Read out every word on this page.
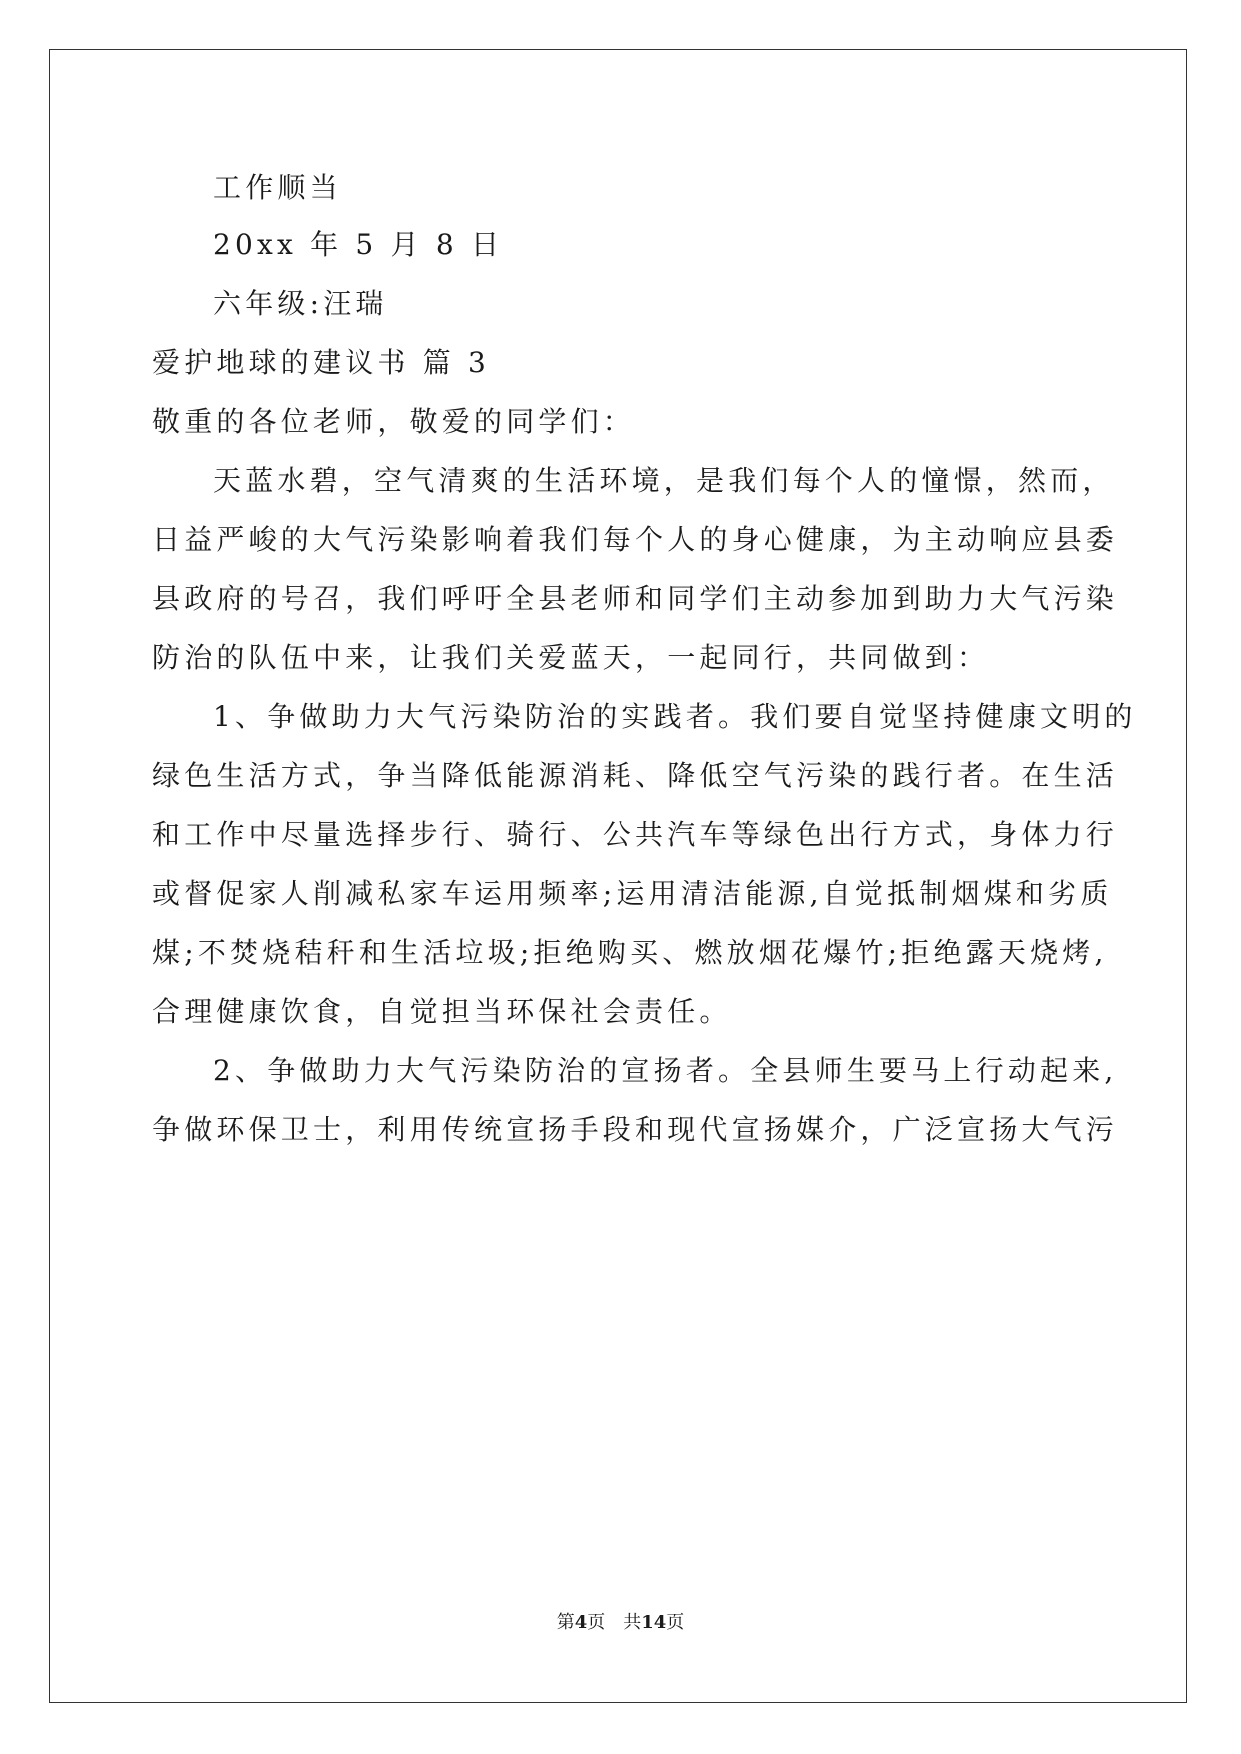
工作顺当
20xx 年 5 月 8 日
六年级:汪瑞
爱护地球的建议书 篇 3
敬重的各位老师，敬爱的同学们：
天蓝水碧，空气清爽的生活环境，是我们每个人的憧憬，然而，
日益严峻的大气污染影响着我们每个人的身心健康，为主动响应县委
县政府的号召，我们呼吁全县老师和同学们主动参加到助力大气污染
防治的队伍中来，让我们关爱蓝天，一起同行，共同做到：
1、争做助力大气污染防治的实践者。我们要自觉坚持健康文明的
绿色生活方式，争当降低能源消耗、降低空气污染的践行者。在生活
和工作中尽量选择步行、骑行、公共汽车等绿色出行方式，身体力行
或督促家人削减私家车运用频率;运用清洁能源,自觉抵制烟煤和劣质
煤;不焚烧秸秆和生活垃圾;拒绝购买、燃放烟花爆竹;拒绝露天烧烤,
合理健康饮食，自觉担当环保社会责任。
2、争做助力大气污染防治的宣扬者。全县师生要马上行动起来,
争做环保卫士，利用传统宣扬手段和现代宣扬媒介，广泛宣扬大气污
第4页 共14页
